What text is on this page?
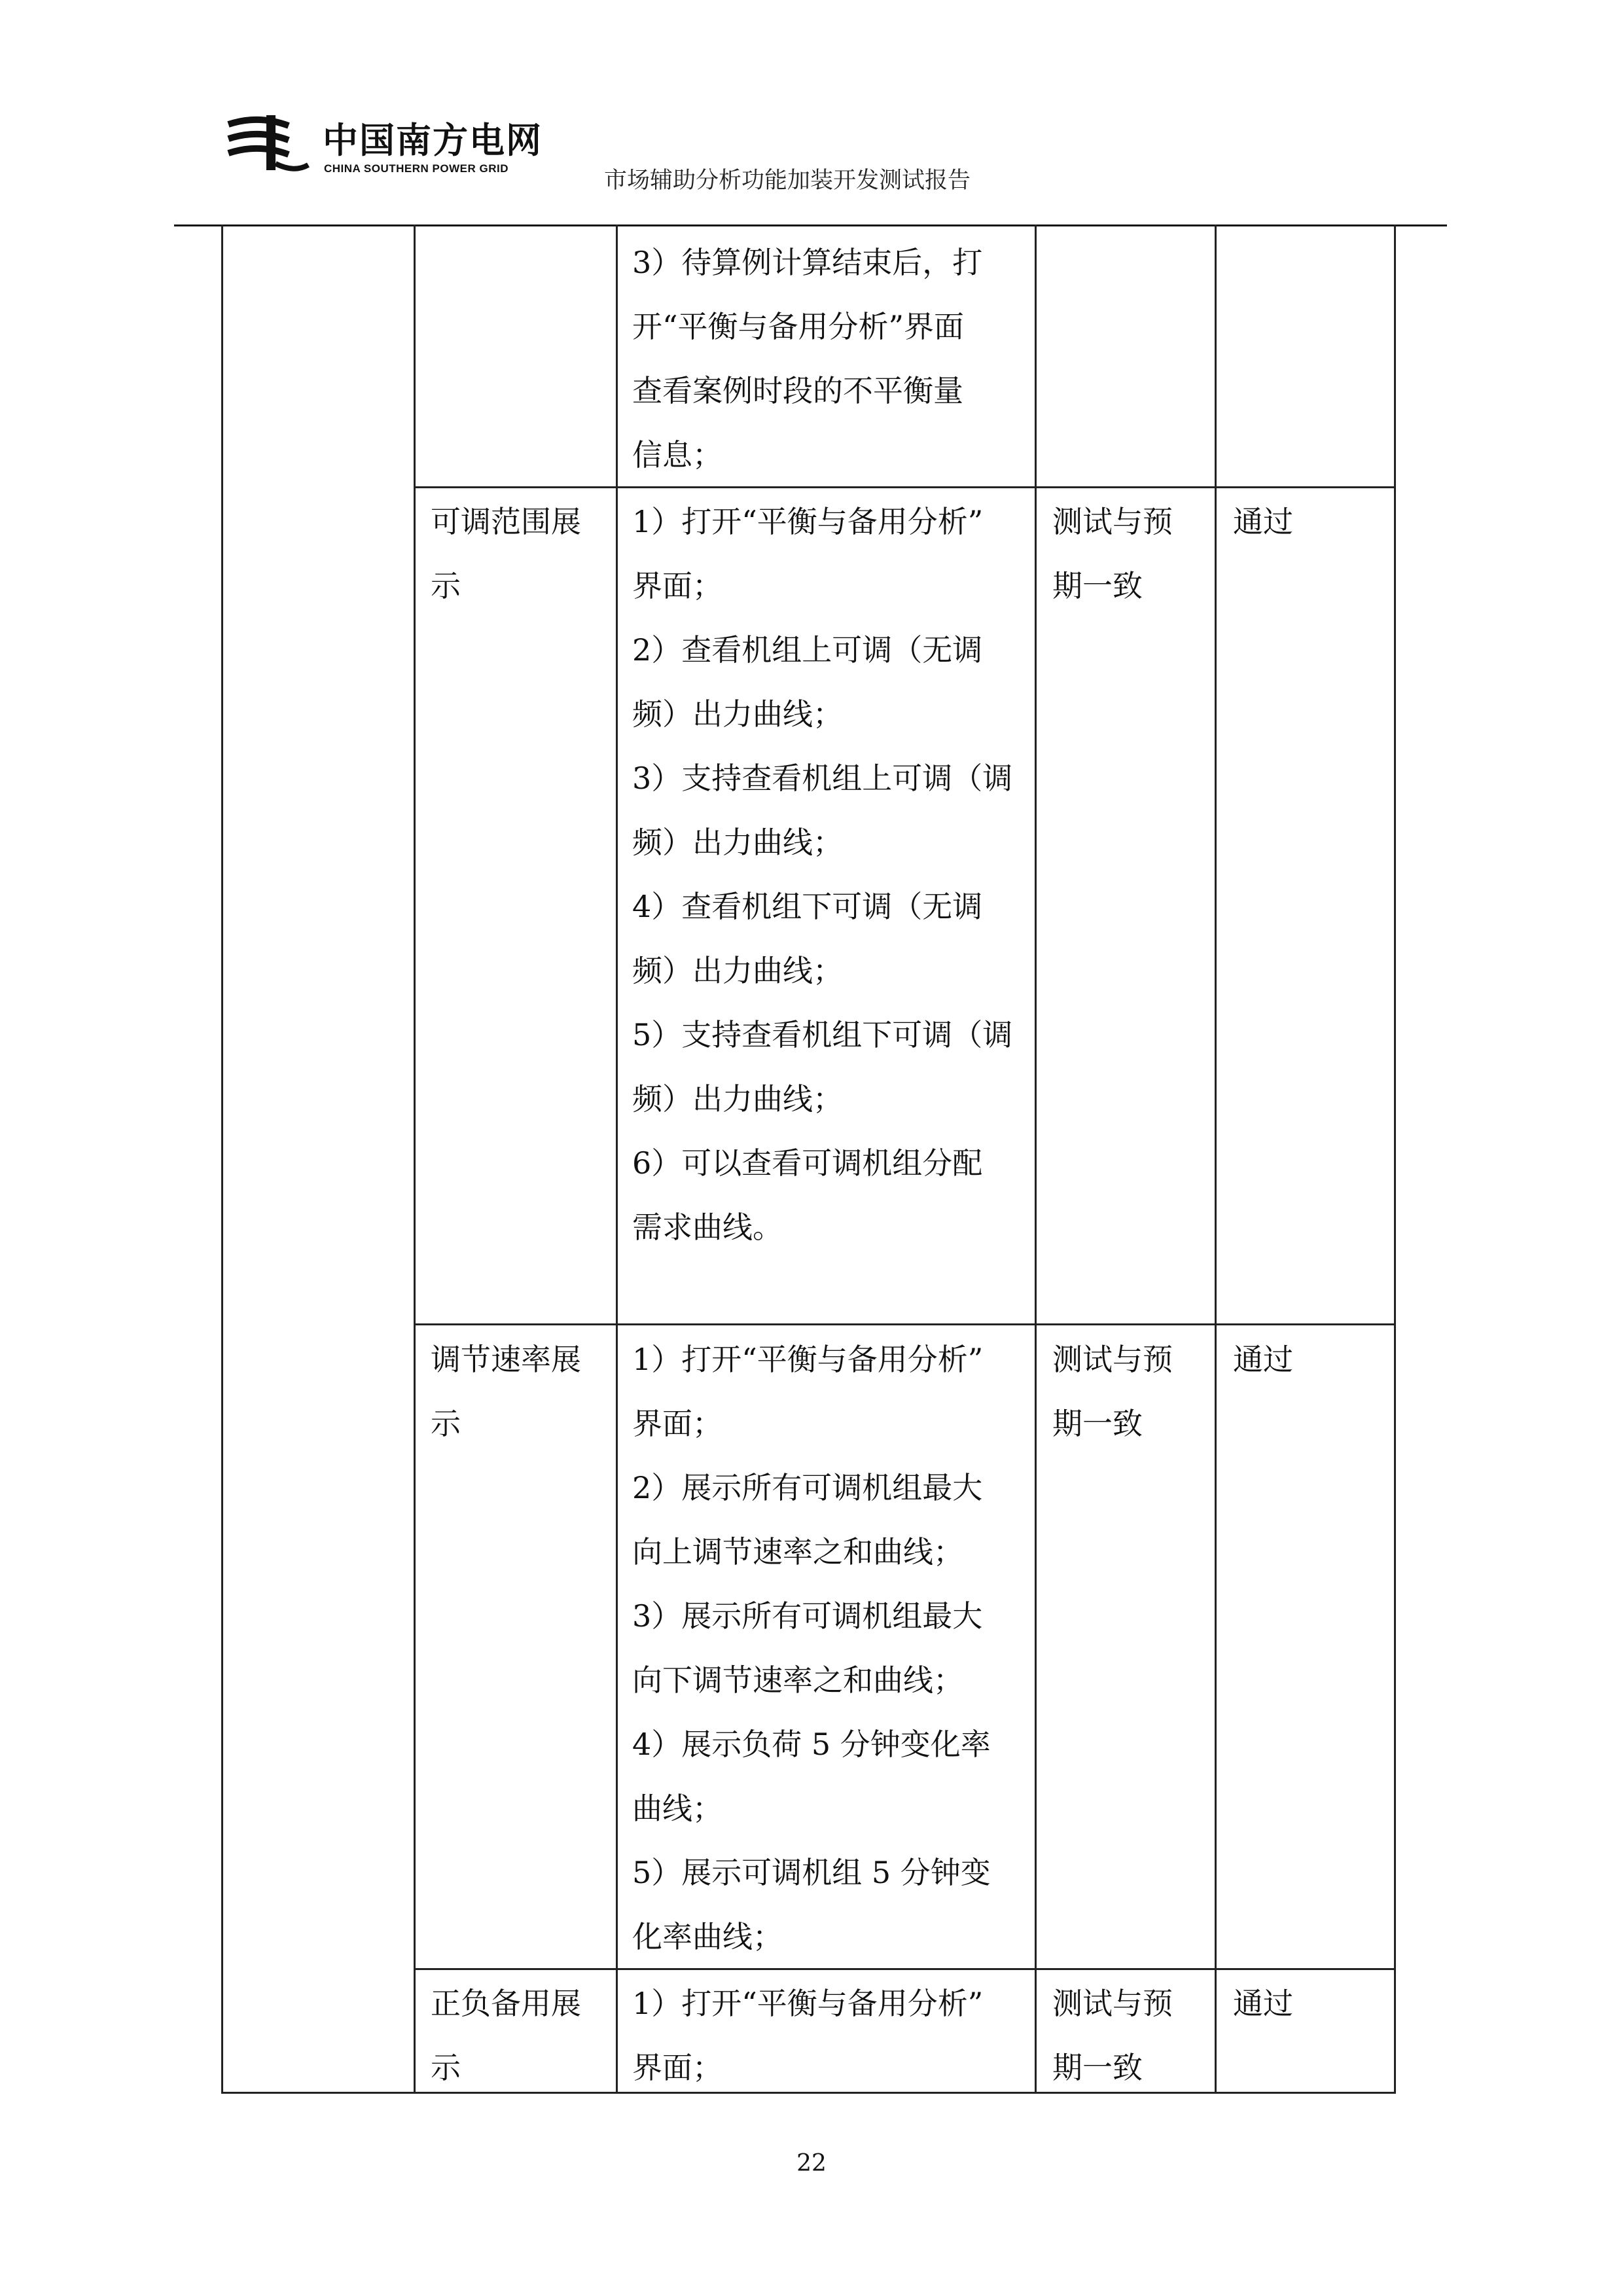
中国南方电网
CHINA SOUTHERN POWER GRID	市场辅助分析功能加装开发测试报告

3）待算例计算结束后，打

开“平衡与备用分析”界面

查看案例时段的不平衡量

信息；

可调范围展

示

1）打开“平衡与备用分析”

界面；

2）查看机组上可调（无调

频）出力曲线；

3）支持查看机组上可调（调

频）出力曲线；

4）查看机组下可调（无调

频）出力曲线；

5）支持查看机组下可调（调

频）出力曲线；

6）可以查看可调机组分配

需求曲线。

测试与预

期一致

通过

调节速率展

示

1）打开“平衡与备用分析”

界面；

2）展示所有可调机组最大

向上调节速率之和曲线；

3）展示所有可调机组最大

向下调节速率之和曲线；

4）展示负荷 5 分钟变化率

曲线；

5）展示可调机组 5 分钟变

化率曲线；

测试与预

期一致

通过

正负备用展

示

1）打开“平衡与备用分析”

界面；

测试与预

期一致

通过

22
